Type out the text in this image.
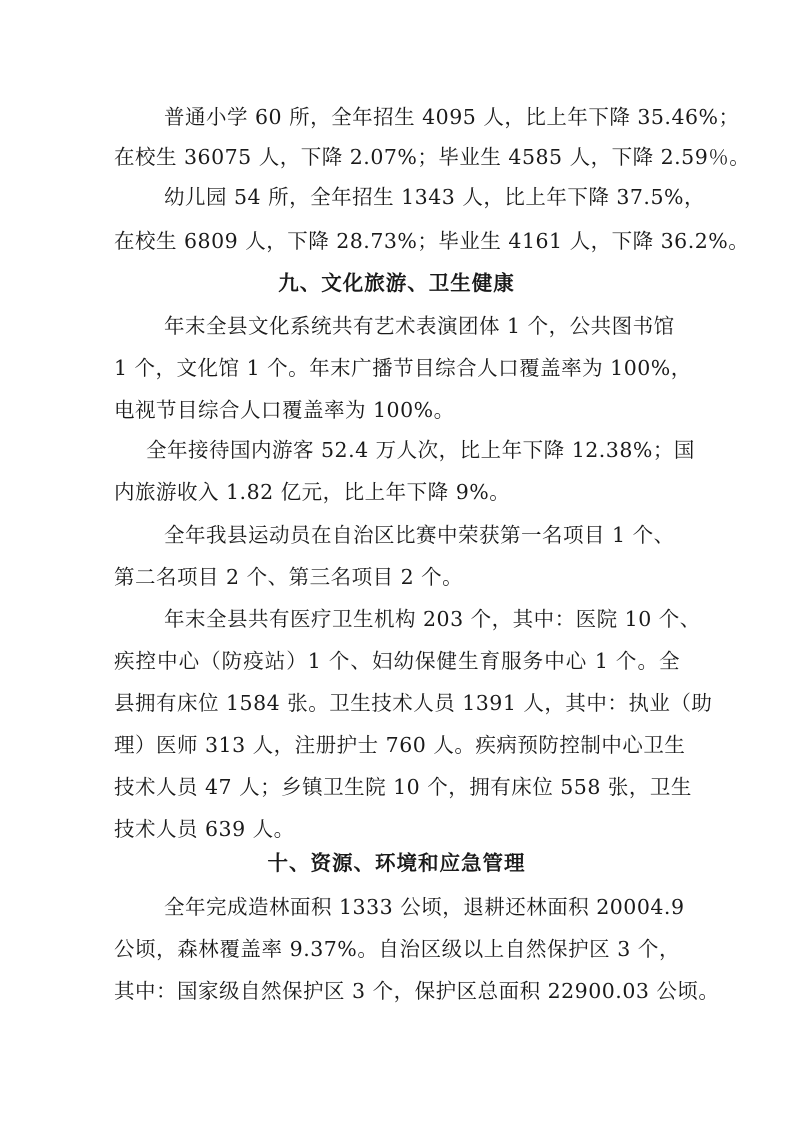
普通小学 60 所，全年招生 4095 人，比上年下降 35.46%；
在校生 36075 人，下降 2.07%；毕业生 4585 人，下降 2.59％。
幼儿园 54 所，全年招生 1343 人，比上年下降 37.5%，
在校生 6809 人，下降 28.73%；毕业生 4161 人，下降 36.2%。
九、文化旅游、卫生健康
年末全县文化系统共有艺术表演团体 1 个，公共图书馆
1 个，文化馆 1 个。年末广播节目综合人口覆盖率为 100%，
电视节目综合人口覆盖率为 100%。
全年接待国内游客 52.4 万人次，比上年下降 12.38%；国
内旅游收入 1.82 亿元，比上年下降 9%。
全年我县运动员在自治区比赛中荣获第一名项目 1 个、
第二名项目 2 个、第三名项目 2 个。
年末全县共有医疗卫生机构 203 个，其中：医院 10 个、
疾控中心（防疫站）1 个、妇幼保健生育服务中心 1 个。全
县拥有床位 1584 张。卫生技术人员 1391 人，其中：执业（助
理）医师 313 人，注册护士 760 人。疾病预防控制中心卫生
技术人员 47 人；乡镇卫生院 10 个，拥有床位 558 张，卫生
技术人员 639 人。
十、资源、环境和应急管理
全年完成造林面积 1333 公顷，退耕还林面积 20004.9
公顷，森林覆盖率 9.37%。自治区级以上自然保护区 3 个，
其中：国家级自然保护区 3 个，保护区总面积 22900.03 公顷。
